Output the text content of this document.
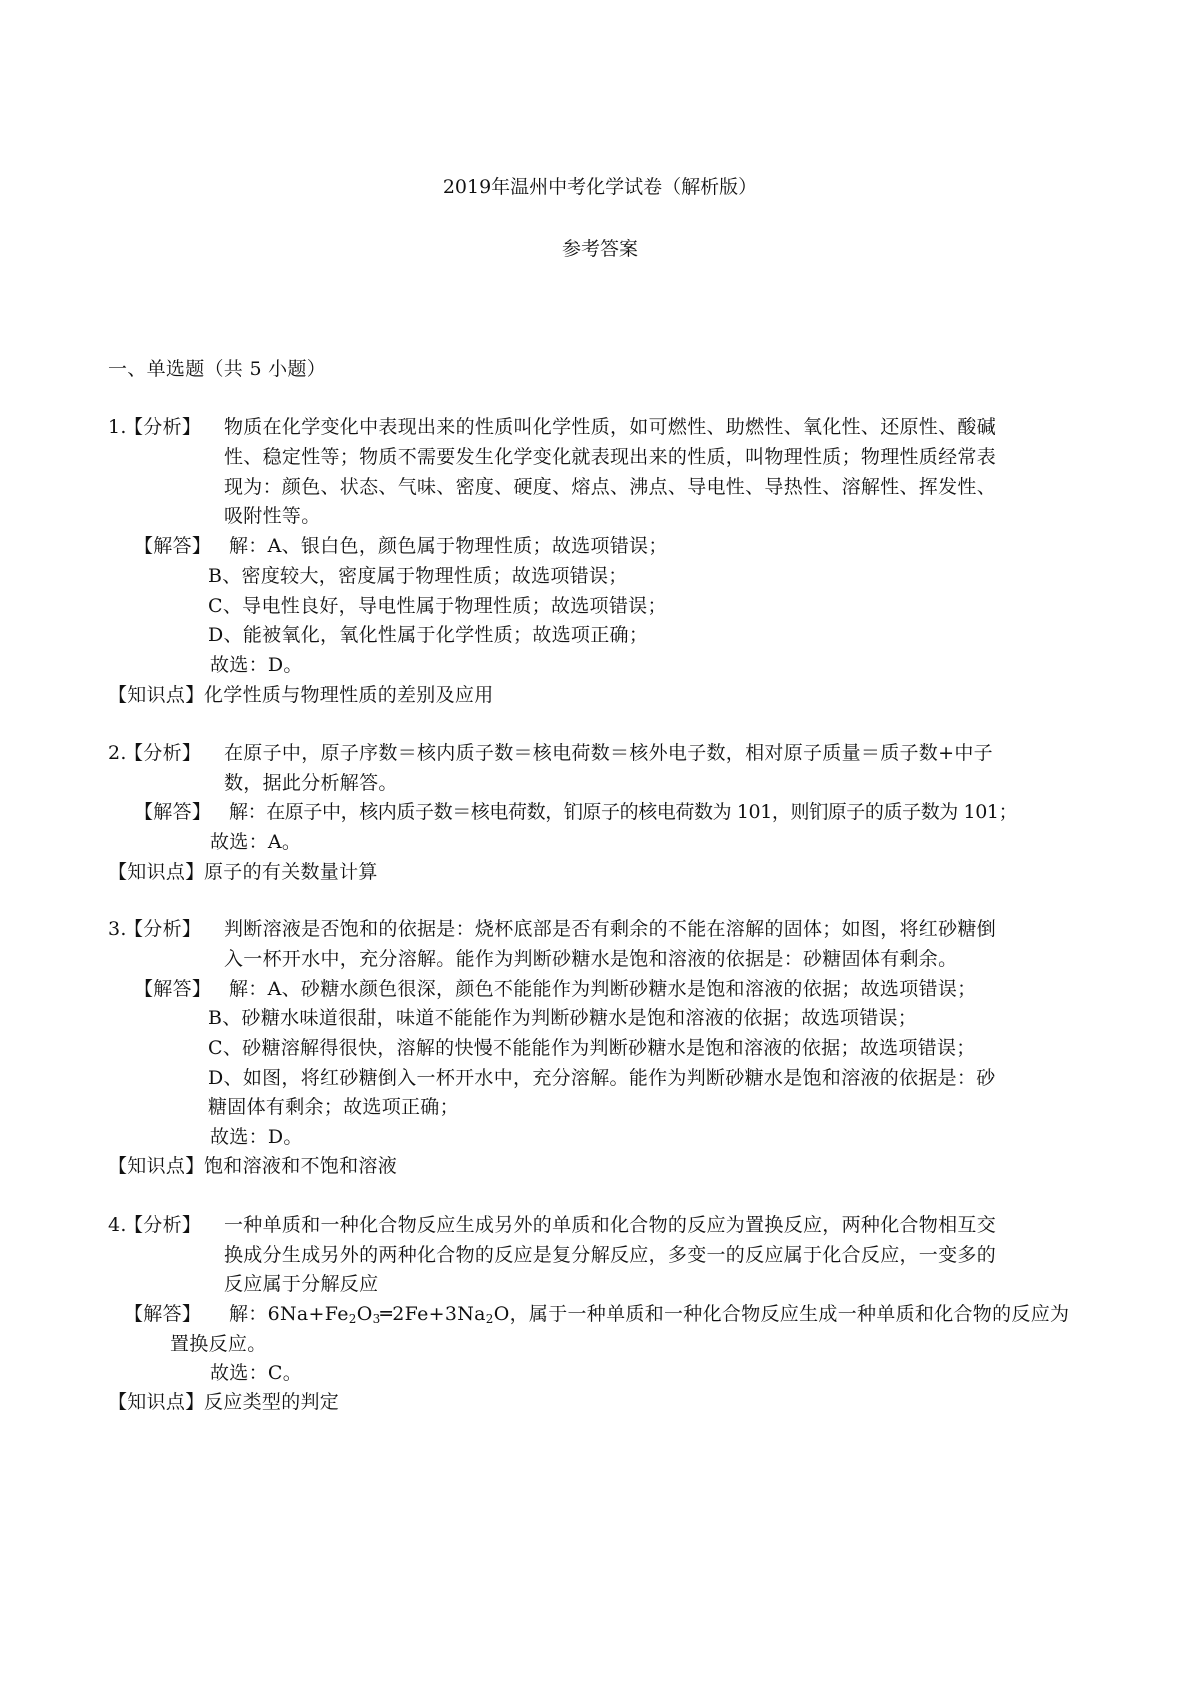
2019年温州中考化学试卷（解析版）
参考答案
一、单选题（共 5 小题）
1.
【分析】 物质在化学变化中表现出来的性质叫化学性质，如可燃性、助燃性、氧化性、还原性、酸碱
性、稳定性等；物质不需要发生化学变化就表现出来的性质，叫物理性质；物理性质经常表
现为：颜色、状态、气味、密度、硬度、熔点、沸点、导电性、导热性、溶解性、挥发性、
吸附性等。
【解答】 解：A、银白色，颜色属于物理性质；故选项错误；
B、密度较大，密度属于物理性质；故选项错误；
C、导电性良好，导电性属于物理性质；故选项错误；
D、能被氧化，氧化性属于化学性质；故选项正确；
故选：D。
【知识点】 化学性质与物理性质的差别及应用
2.
【分析】 在原子中，原子序数＝核内质子数＝核电荷数＝核外电子数，相对原子质量＝质子数+中子
数，据此分析解答。
【解答】 解：在原子中，核内质子数＝核电荷数，钔原子的核电荷数为 101，则钔原子的质子数为 101；
故选：A。
【知识点】 原子的有关数量计算
3.
【分析】 判断溶液是否饱和的依据是：烧杯底部是否有剩余的不能在溶解的固体；如图，将红砂糖倒
入一杯开水中，充分溶解。能作为判断砂糖水是饱和溶液的依据是：砂糖固体有剩余。
【解答】 解：A、砂糖水颜色很深，颜色不能能作为判断砂糖水是饱和溶液的依据；故选项错误；
B、砂糖水味道很甜，味道不能能作为判断砂糖水是饱和溶液的依据；故选项错误；
C、砂糖溶解得很快，溶解的快慢不能能作为判断砂糖水是饱和溶液的依据；故选项错误；
D、如图，将红砂糖倒入一杯开水中，充分溶解。能作为判断砂糖水是饱和溶液的依据是：砂
糖固体有剩余；故选项正确；
故选：D。
【知识点】 饱和溶液和不饱和溶液
4.
【分析】 一种单质和一种化合物反应生成另外的单质和化合物的反应为置换反应，两种化合物相互交
换成分生成另外的两种化合物的反应是复分解反应，多变一的反应属于化合反应，一变多的
反应属于分解反应
【解答】 解：$6Na+Fe_2O_3═2Fe+3Na_2O$，属于一种单质和一种化合物反应生成一种单质和化合物的反应为
置换反应。
故选：C。
【知识点】 反应类型的判定
